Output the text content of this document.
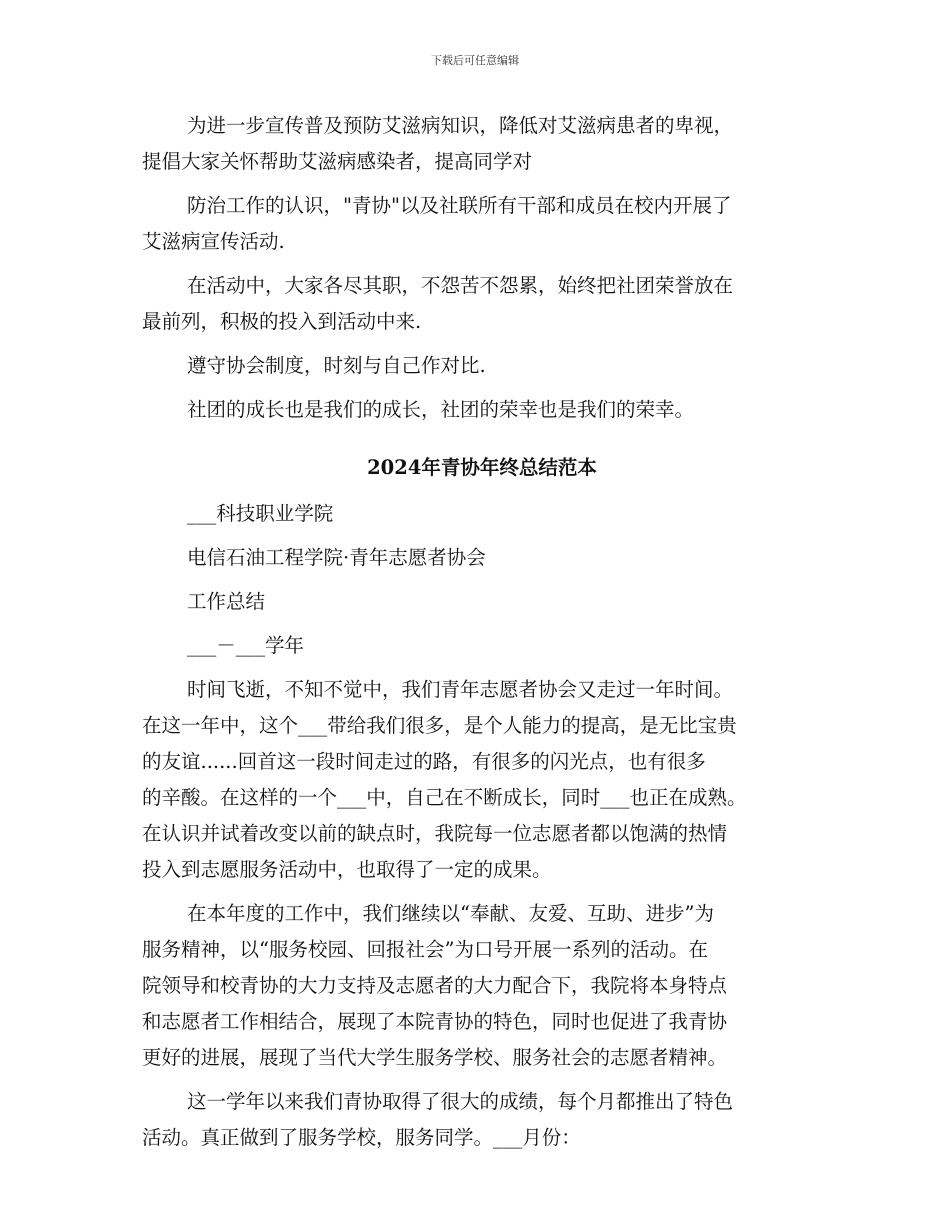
下载后可任意编辑
为进一步宣传普及预防艾滋病知识，降低对艾滋病患者的卑视，
提倡大家关怀帮助艾滋病感染者，提高同学对
防治工作的认识，"青协"以及社联所有干部和成员在校内开展了
艾滋病宣传活动.
在活动中，大家各尽其职，不怨苦不怨累，始终把社团荣誉放在
最前列，积极的投入到活动中来.
遵守协会制度，时刻与自己作对比.
社团的成长也是我们的成长，社团的荣幸也是我们的荣幸。
2024年青协年终总结范本
___科技职业学院
电信石油工程学院·青年志愿者协会
工作总结
___－___学年
时间飞逝，不知不觉中，我们青年志愿者协会又走过一年时间。
在这一年中，这个___带给我们很多，是个人能力的提高，是无比宝贵
的友谊......回首这一段时间走过的路，有很多的闪光点，也有很多
的辛酸。在这样的一个___中，自己在不断成长，同时___也正在成熟。
在认识并试着改变以前的缺点时，我院每一位志愿者都以饱满的热情
投入到志愿服务活动中，也取得了一定的成果。
在本年度的工作中，我们继续以“奉献、友爱、互助、进步”为
服务精神，以“服务校园、回报社会”为口号开展一系列的活动。在
院领导和校青协的大力支持及志愿者的大力配合下，我院将本身特点
和志愿者工作相结合，展现了本院青协的特色，同时也促进了我青协
更好的进展，展现了当代大学生服务学校、服务社会的志愿者精神。
这一学年以来我们青协取得了很大的成绩，每个月都推出了特色
活动。真正做到了服务学校，服务同学。___月份：
